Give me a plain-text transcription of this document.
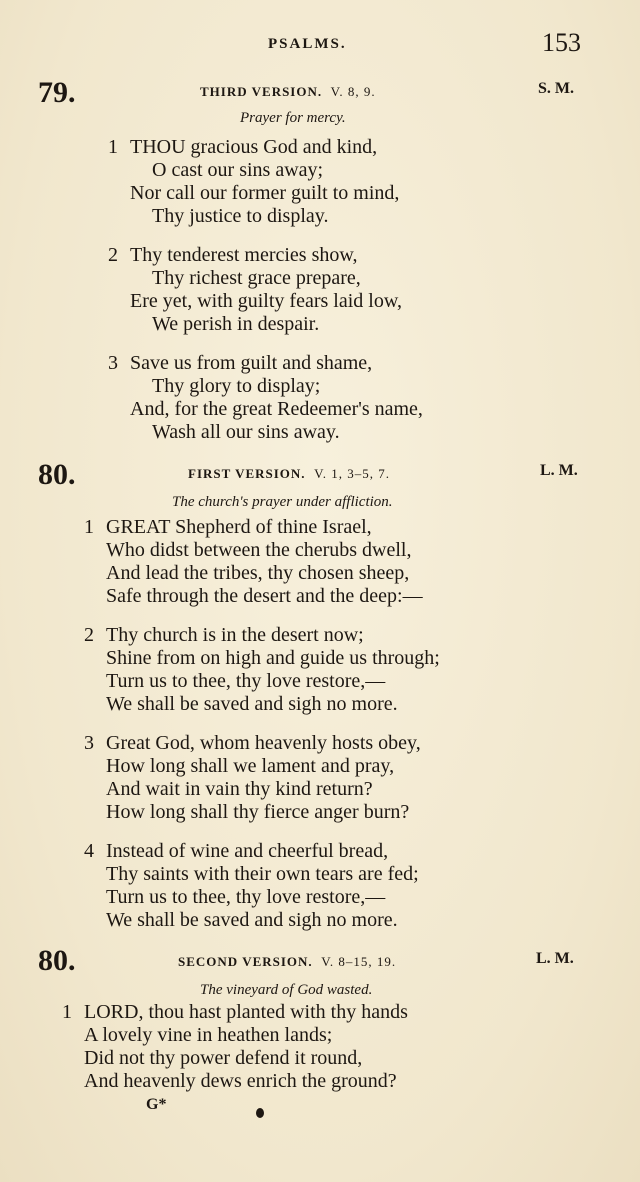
PSALMS.	153
79.	THIRD VERSION. V. 8, 9.	S. M.
Prayer for mercy.
1 THOU gracious God and kind,
O cast our sins away;
Nor call our former guilt to mind,
Thy justice to display.
2 Thy tenderest mercies show,
Thy richest grace prepare,
Ere yet, with guilty fears laid low,
We perish in despair.
3 Save us from guilt and shame,
Thy glory to display;
And, for the great Redeemer's name,
Wash all our sins away.
80.	FIRST VERSION. V. 1, 3–5, 7.	L. M.
The church's prayer under affliction.
1 GREAT Shepherd of thine Israel,
Who didst between the cherubs dwell,
And lead the tribes, thy chosen sheep,
Safe through the desert and the deep:—
2 Thy church is in the desert now;
Shine from on high and guide us through;
Turn us to thee, thy love restore,—
We shall be saved and sigh no more.
3 Great God, whom heavenly hosts obey,
How long shall we lament and pray,
And wait in vain thy kind return?
How long shall thy fierce anger burn?
4 Instead of wine and cheerful bread,
Thy saints with their own tears are fed;
Turn us to thee, thy love restore,—
We shall be saved and sigh no more.
80.	SECOND VERSION. V. 8–15, 19.	L. M.
The vineyard of God wasted.
1 LORD, thou hast planted with thy hands
A lovely vine in heathen lands;
Did not thy power defend it round,
And heavenly dews enrich the ground?
G*
